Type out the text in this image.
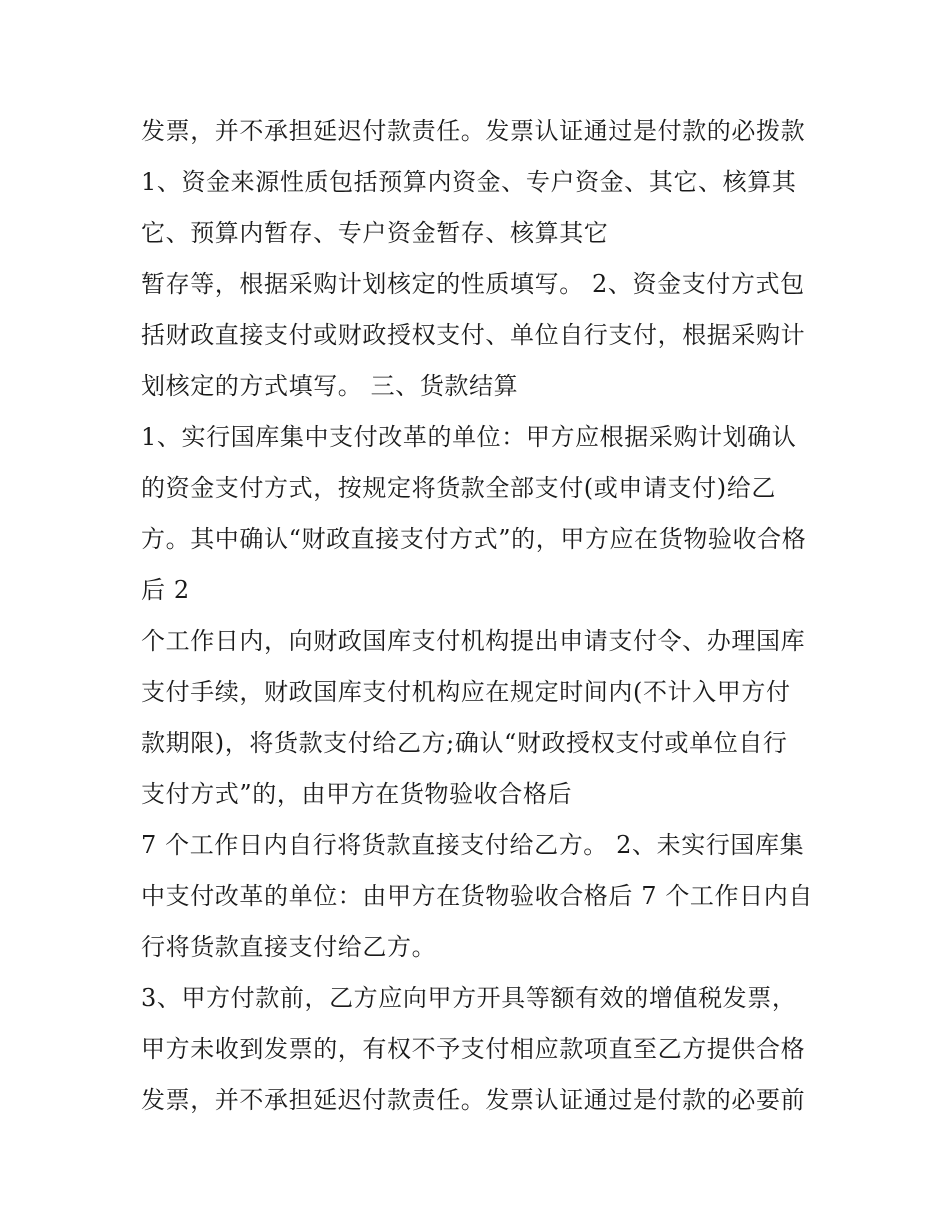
发票，并不承担延迟付款责任。发票认证通过是付款的必拨款
1、资金来源性质包括预算内资金、专户资金、其它、核算其
它、预算内暂存、专户资金暂存、核算其它
暂存等，根据采购计划核定的性质填写。 2、资金支付方式包
括财政直接支付或财政授权支付、单位自行支付，根据采购计
划核定的方式填写。 三、货款结算
1、实行国库集中支付改革的单位：甲方应根据采购计划确认
的资金支付方式，按规定将货款全部支付(或申请支付)给乙
方。其中确认“财政直接支付方式”的，甲方应在货物验收合格
后 2
个工作日内，向财政国库支付机构提出申请支付令、办理国库
支付手续，财政国库支付机构应在规定时间内(不计入甲方付
款期限)，将货款支付给乙方;确认“财政授权支付或单位自行
支付方式”的，由甲方在货物验收合格后
7 个工作日内自行将货款直接支付给乙方。 2、未实行国库集
中支付改革的单位：由甲方在货物验收合格后 7 个工作日内自
行将货款直接支付给乙方。
3、甲方付款前，乙方应向甲方开具等额有效的增值税发票，
甲方未收到发票的，有权不予支付相应款项直至乙方提供合格
发票，并不承担延迟付款责任。发票认证通过是付款的必要前
